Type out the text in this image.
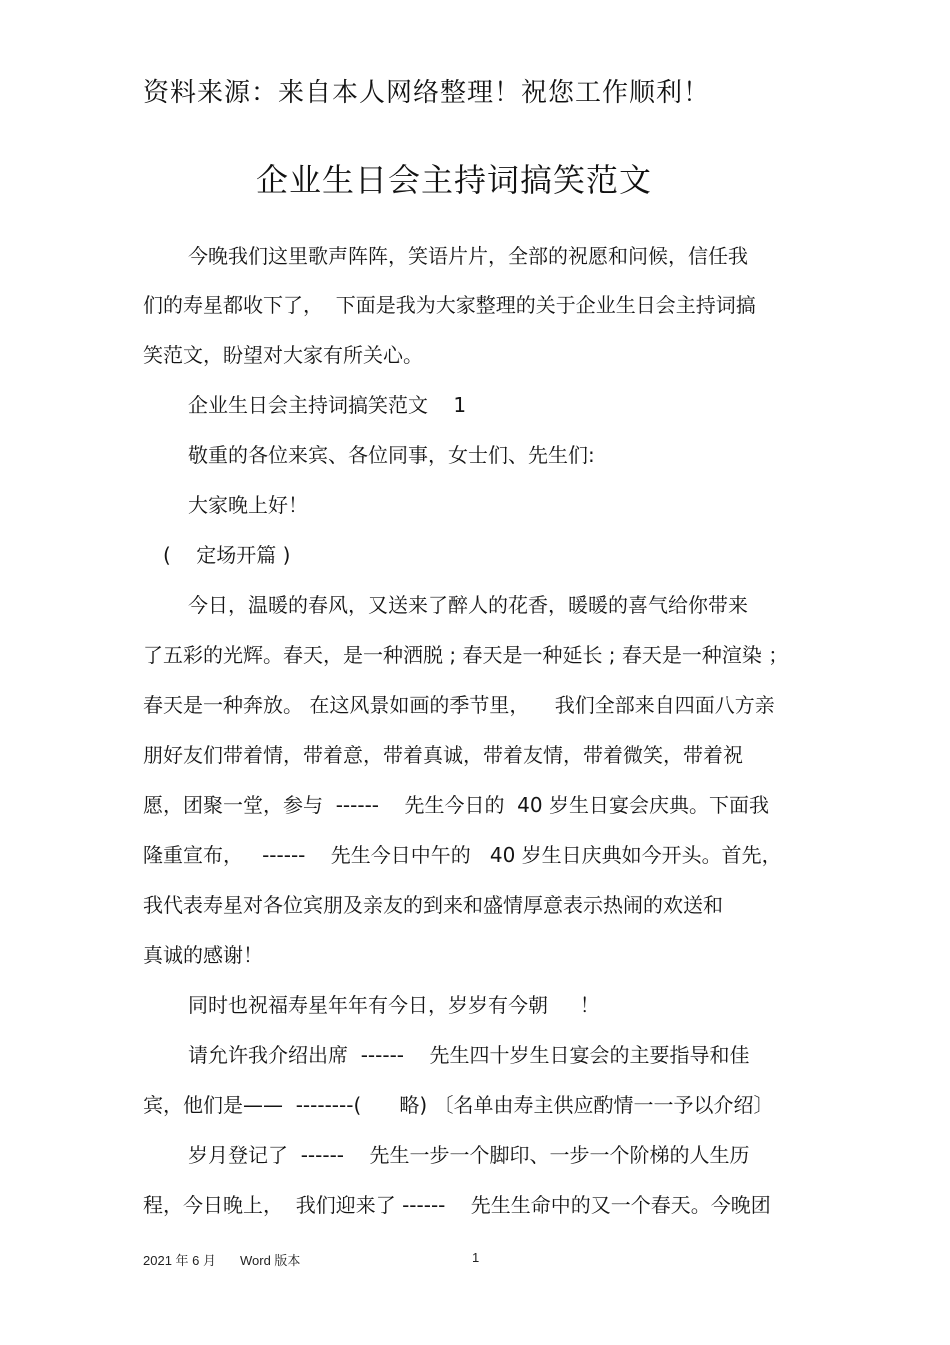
资料来源：来自本人网络整理！祝您工作顺利！
企业生日会主持词搞笑范文
今晚我们这里歌声阵阵，笑语片片，全部的祝愿和问候，信任我
们的寿星都收下了，  下面是我为大家整理的关于企业生日会主持词搞
笑范文，盼望对大家有所关心。
企业生日会主持词搞笑范文    1
敬重的各位来宾、各位同事，女士们、先生们:
大家晚上好！
(    定场开篇 )
今日，温暖的春风，又送来了醉人的花香，暖暖的喜气给你带来
了五彩的光辉。春天，是一种洒脱 ; 春天是一种延长 ; 春天是一种渲染 ；
春天是一种奔放。 在这风景如画的季节里，    我们全部来自四面八方亲
朋好友们带着情，带着意，带着真诚，带着友情，带着微笑，带着祝
愿，团聚一堂，参与  ------    先生今日的  40 岁生日宴会庆典。下面我
隆重宣布，   ------    先生今日中午的   40 岁生日庆典如今开头。首先，
我代表寿星对各位宾朋及亲友的到来和盛情厚意表示热闹的欢送和
真诚的感谢！
同时也祝福寿星年年有今日，岁岁有今朝     ！
请允许我介绍出席  ------    先生四十岁生日宴会的主要指导和佳
宾，他们是——  --------(      略) 〔名单由寿主供应酌情一一予以介绍〕
岁月登记了  ------    先生一步一个脚印、一步一个阶梯的人生历
程，今日晚上，  我们迎来了 ------    先生生命中的又一个春天。今晚团
2021 年 6 月 Word 版本	1
